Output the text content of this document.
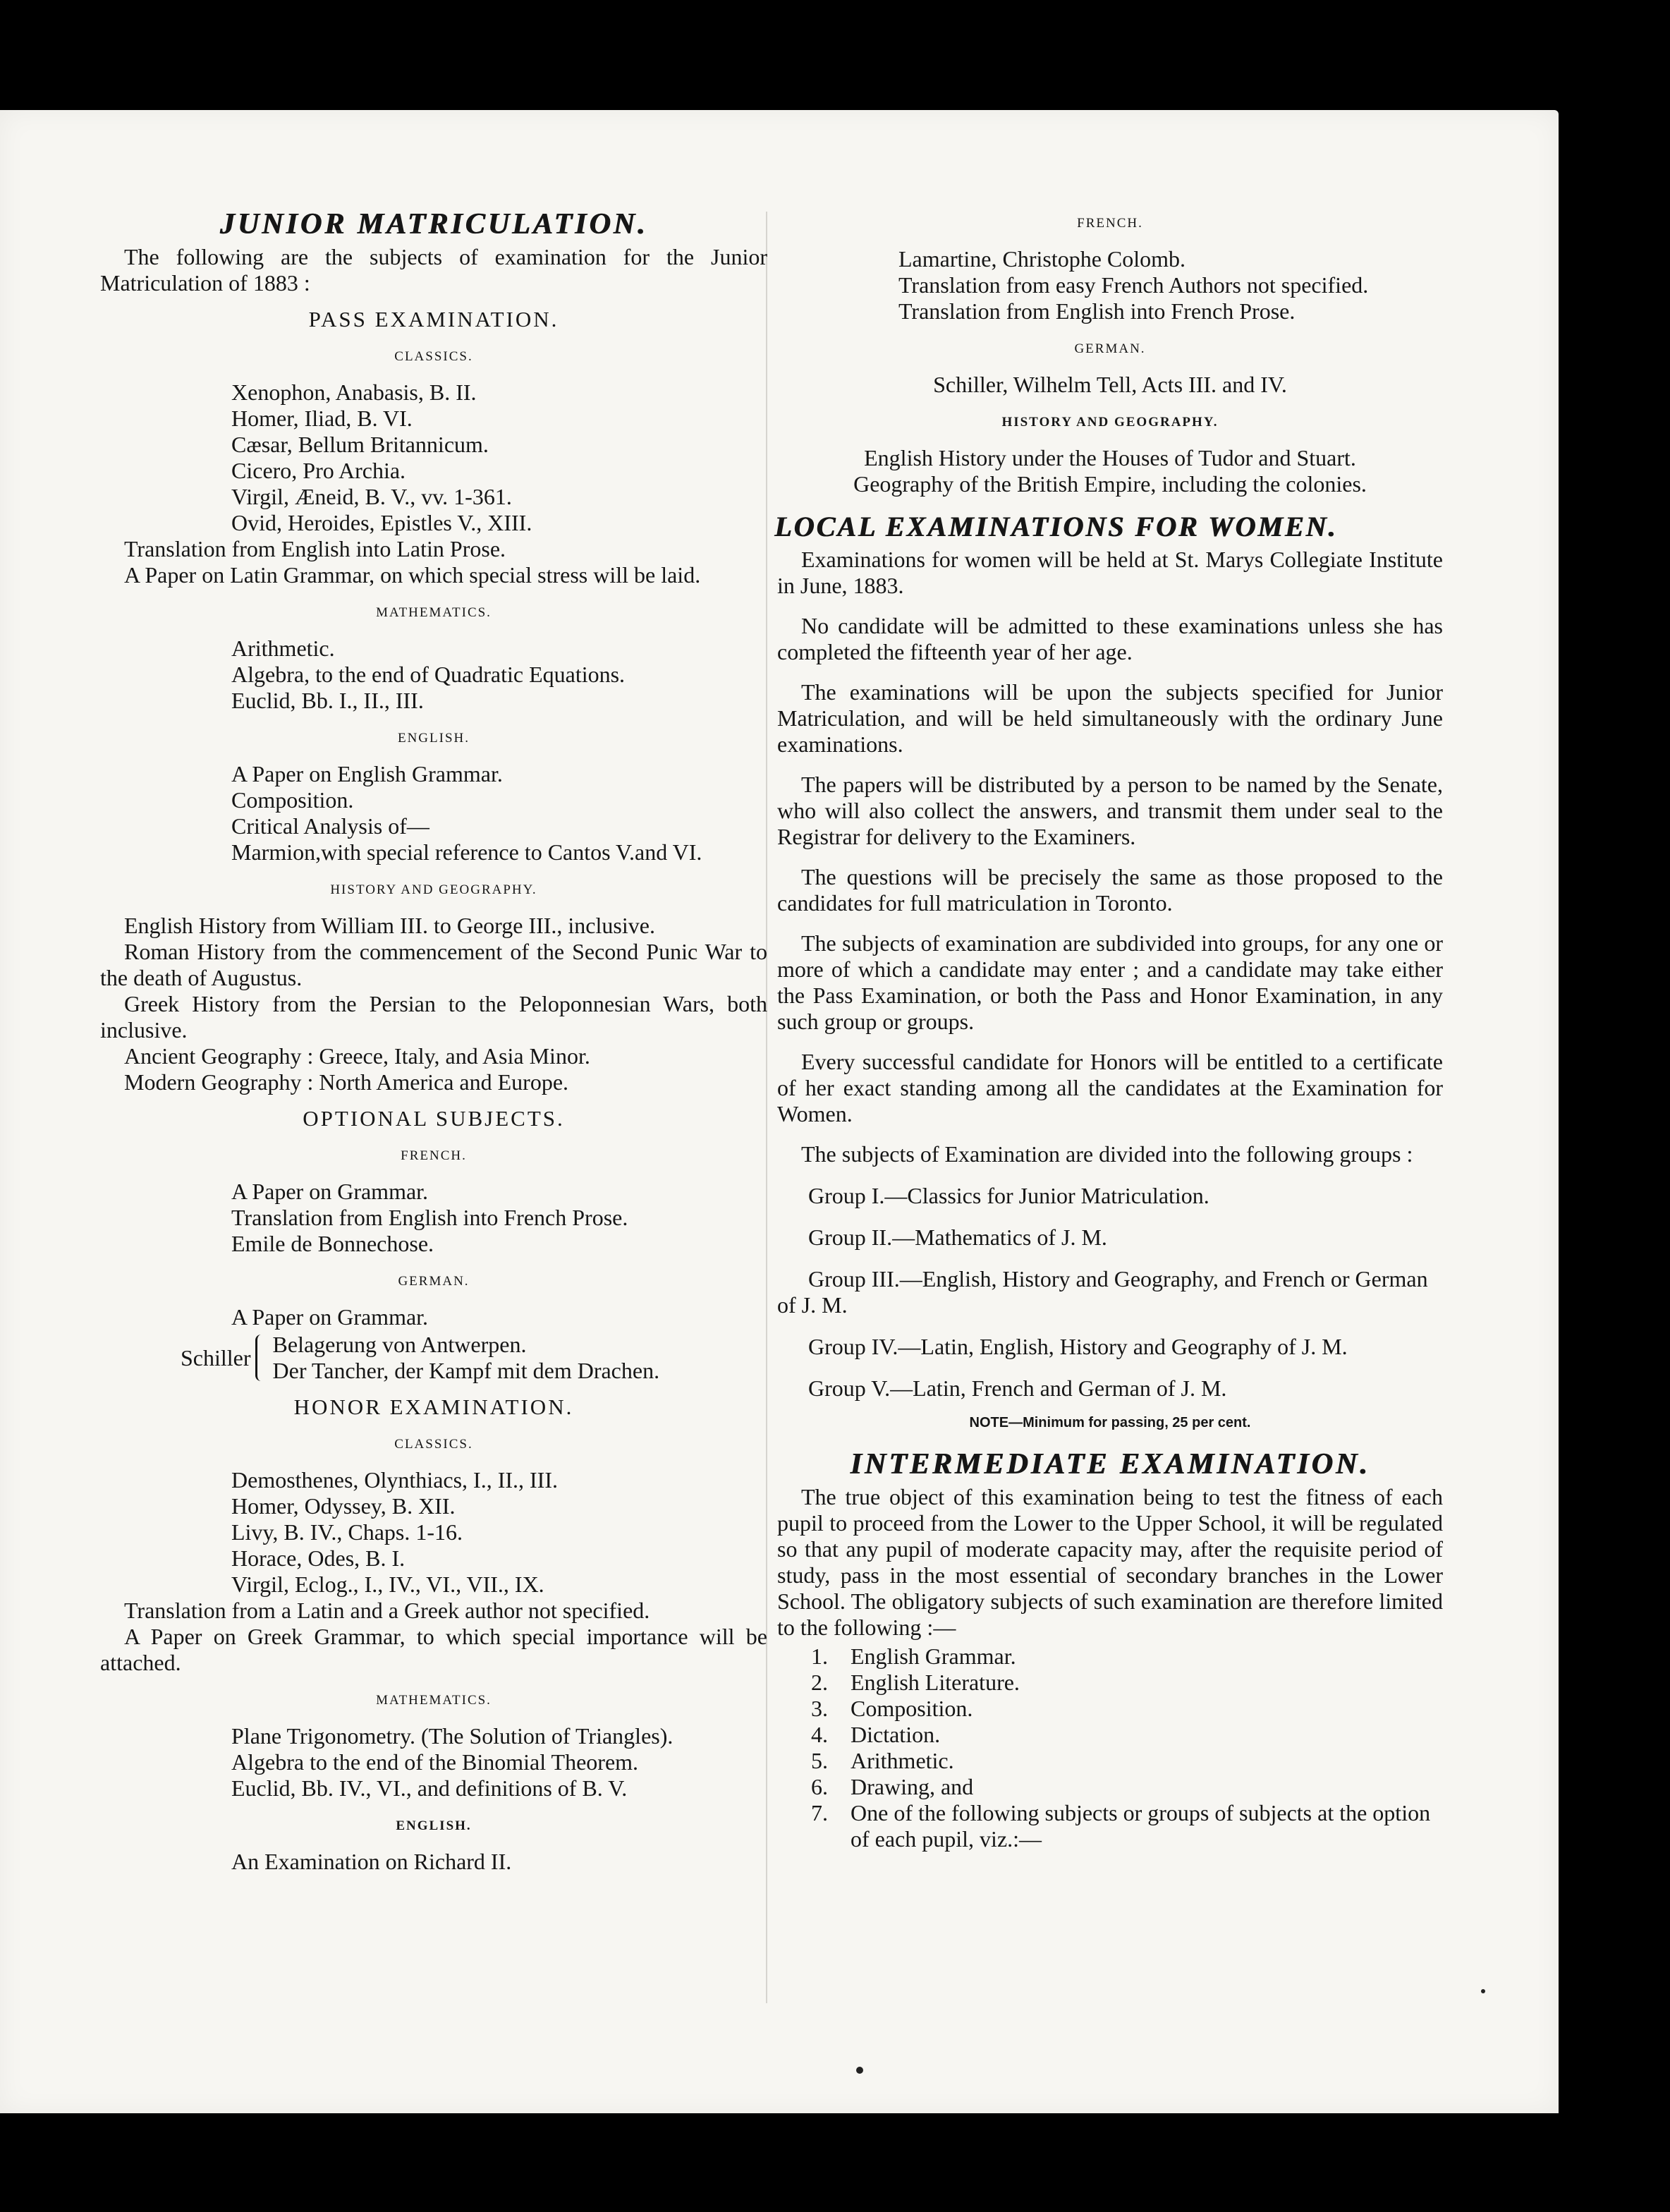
JUNIOR MATRICULATION.

The following are the subjects of examination for the Junior Matriculation of 1883 :

PASS EXAMINATION.
CLASSICS.

Xenophon, Anabasis, B. II.

Homer, Iliad, B. VI.

Cæsar, Bellum Britannicum.

Cicero, Pro Archia.

Virgil, Æneid, B. V., vv. 1-361.

Ovid, Heroides, Epistles V., XIII.

Translation from English into Latin Prose.

A Paper on Latin Grammar, on which special stress will be laid.

MATHEMATICS.

Arithmetic.

Algebra, to the end of Quadratic Equations.

Euclid, Bb. I., II., III.

ENGLISH.

A Paper on English Grammar.

Composition.

Critical Analysis of—

Marmion,with special reference to Cantos V.and VI.

HISTORY AND GEOGRAPHY.

English History from William III. to George III., inclusive.

Roman History from the commencement of the Second Punic War to the death of Augustus.

Greek History from the Persian to the Peloponnesian Wars, both inclusive.

Ancient Geography : Greece, Italy, and Asia Minor.

Modern Geography : North America and Europe.

OPTIONAL SUBJECTS.
FRENCH.

A Paper on Grammar.

Translation from English into French Prose.

Emile de Bonnechose.

GERMAN.

A Paper on Grammar.

Schiller

Belagerung von Antwerpen.

Der Tancher, der Kampf mit dem Drachen.

HONOR EXAMINATION.
CLASSICS.

Demosthenes, Olynthiacs, I., II., III.

Homer, Odyssey, B. XII.

Livy, B. IV., Chaps. 1-16.

Horace, Odes, B. I.

Virgil, Eclog., I., IV., VI., VII., IX.

Translation from a Latin and a Greek author not specified.

A Paper on Greek Grammar, to which special importance will be attached.

MATHEMATICS.

Plane Trigonometry. (The Solution of Triangles).

Algebra to the end of the Binomial Theorem.

Euclid, Bb. IV., VI., and definitions of B. V.

ENGLISH.

An Examination on Richard II.

FRENCH.

Lamartine, Christophe Colomb.

Translation from easy French Authors not specified.

Translation from English into French Prose.

GERMAN.

Schiller, Wilhelm Tell, Acts III. and IV.

HISTORY AND GEOGRAPHY.

English History under the Houses of Tudor and Stuart.

Geography of the British Empire, including the colonies.

LOCAL EXAMINATIONS FOR WOMEN.

Examinations for women will be held at St. Marys Collegiate Institute in June, 1883.

No candidate will be admitted to these examinations unless she has completed the fifteenth year of her age.

The examinations will be upon the subjects specified for Junior Matriculation, and will be held simultaneously with the ordinary June examinations.

The papers will be distributed by a person to be named by the Senate, who will also collect the answers, and transmit them under seal to the Registrar for delivery to the Examiners.

The questions will be precisely the same as those proposed to the candidates for full matriculation in Toronto.

The subjects of examination are subdivided into groups, for any one or more of which a candidate may enter ; and a candidate may take either the Pass Examination, or both the Pass and Honor Examination, in any such group or groups.

Every successful candidate for Honors will be entitled to a certificate of her exact standing among all the candidates at the Examination for Women.

The subjects of Examination are divided into the following groups :

Group I.—Classics for Junior Matriculation.

Group II.—Mathematics of J. M.

Group III.—English, History and Geography, and French or German of J. M.

Group IV.—Latin, English, History and Geography of J. M.

Group V.—Latin, French and German of J. M.

NOTE—Minimum for passing, 25 per cent.

INTERMEDIATE EXAMINATION.

The true object of this examination being to test the fitness of each pupil to proceed from the Lower to the Upper School, it will be regulated so that any pupil of moderate capacity may, after the requisite period of study, pass in the most essential of secondary branches in the Lower School. The obligatory subjects of such examination are therefore limited to the following :—

1.	English Grammar.
2.	English Literature.
3.	Composition.
4.	Dictation.
5.	Arithmetic.
6.	Drawing, and
7.	One of the following subjects or groups of subjects at the option of each pupil, viz.:—
